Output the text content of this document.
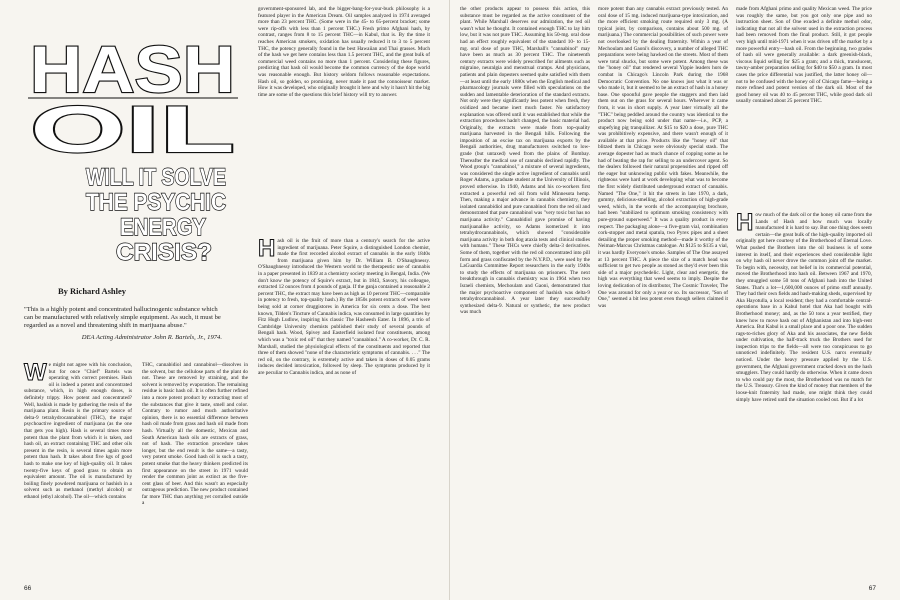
HASH
OIL
WILL IT SOLVE
THE PSYCHIC
ENERGY
CRISIS?
By Richard Ashley
"This is a highly potent and concentrated hallucinogenic substance which can be manufactured with relatively simple equipment. As such, it must be regarded as a novel and threatening shift in marijuana abuse."
DEA Acting Administrator John R. Bartels, Jr., 1974.

We might not agree with his conclusion, but for once "Chief" Bartels was operating with correct premises. Hash oil is indeed a potent and concentrated substance, which, in high enough doses, is definitely trippy. How potent and concentrated? Well, hashish is made by gathering the resin of the marijuana plant. Resin is the primary source of delta-9 tetrahydrocannabinol (THC), the major psychoactive ingredient of marijuana (as the one that gets you high). Hash is several times more potent than the plant from which it is taken, and hash oil, an extract containing THC and other oils present in the resin, is several times again more potent than hash. It takes about five kgs of good hash to make one key of high-quality oil. It takes twenty-five keys of good grass to obtain an equivalent amount. The oil is manufactured by boiling finely powdered marijuana or hashish in a solvent such as methanol (methyl alcohol) or ethanol (ethyl alcohol). The oil—which contains

THC, cannabidiol and cannabinol—dissolves in the solvent, but the cellulose parts of the plant do not. These are removed by straining, and the solvent is removed by evaporation. The remaining residue is basic hash oil. It is often further refined into a more potent product by extracting most of the substances that give it taste, smell and color. Contrary to rumor and much authoritative opinion, there is no essential difference between hash oil made from grass and hash oil made from hash. Virtually all the domestic, Mexican and South American hash oils are extracts of grass, not of hash. The extraction procedure takes longer, but the end result is the same—a tasty, very potent smoke. Good hash oil is such a tasty, potent smoke that the heavy thinkers predicted its first appearance on the street in 1971 would render the common joint as extinct as the five-cent glass of beer. And this wasn't an especially outrageous prediction. The new product contained far more THC than anything yet corralled outside a

government-sponsored lab, and the bigger-bang-for-your-buck philosophy is a featured player in the American Dream. Oil samples analyzed in 1974 averaged more than 23 percent THC. (Some were in the 45- to 65-percent bracket; some were rip-offs with less than 1 percent THC.) Fresh primo Afghani hash, by contrast, ranges from 8 to 15 percent THC—in Kabul, that is. By the time it reaches American smokers, oxidation has usually reduced it to 3 to 5 percent THC, the potency generally found in the best Hawaiian and Thai grasses. Much of the hash we get here contains less than 1.5 percent THC, and the great bulk of commercial weed contains no more than 1 percent. Considering these figures, predicting that hash oil would become the common currency of the dope world was reasonable enough. But history seldom follows reasonable expectations. Hash oil, so golden, so promising, never made it past the connoisseur market. How it was developed, who originally brought it here and why it hasn't hit the big time are some of the questions this brief history will try to answer.

Hash oil is the fruit of more than a century's search for the active ingredient of marijuana. Peter Squire, a distinguished London chemist, made the first recorded alcohol extract of cannabis in the early 1840s from marijuana given him by Dr. William B. O'Shaughnessy. O'Shaughnessy introduced the Western world to the therapeutic use of cannabis in a paper presented in 1839 at a chemistry society meeting in Bengal, India. (We don't know the potency of Squire's extract, but in 1843, Savory, his colleague, extracted 12 ounces from 4 pounds of ganja. If the ganja contained a reasonable 2 percent THC, the extract may have been as high as 10 percent THC—comparable in potency to fresh, top-quality hash.) By the 1850s potent extracts of weed were being sold at corner druggistores in America for six cents a dose. The best known, Tilden's Tincture of Cannabis indica, was consumed in large quantities by Fitz Hugh Ludlow, inspiring his classic The Hasheesh Eater. In 1896, a trio of Cambridge University chemists published their study of several pounds of Bengali hash. Wood, Spivey and Easterfield isolated four constituents, among which was a "toxic red oil" that they named "cannabinol." A co-worker, Dr. C. R. Marshall, studied the physiological effects of the constituents and reported that three of them showed "none of the characteristic symptoms of cannabis. . . ." The red oil, on the contrary, is extremely active and taken in doses of 0.05 grams induces decided intoxication, followed by sleep. The symptoms produced by it are peculiar to Cannabis indica, and as none of

66

the other products appear to possess this action, this substance must be regarded as the active constituent of the plant. While Marshall deserves our admiration, the red oil wasn't what he thought. It contained enough THC to lay him low, but it was not pure THC. Assuming his 50-mg. oral dose had an effect roughly equivalent of the standard 10- to 15-mg. oral dose of pure THC, Marshall's "cannabinol" may have been as much as 30 percent THC. The nineteenth century extracts were widely prescribed for ailments such as migraine, neuralgia and menstrual cramps. And physicians, patients and plain dopesters seemed quite satisfied with them—at least until the early 1880s when the English medical and pharmacology journals were filled with speculations on the sudden and lamentable deterioration of the standard extracts. Not only were they significantly less potent when fresh, they oxidized and became inert much faster. No satisfactory explanation was offered until it was established that while the extraction procedures hadn't changed, the basic material had. Originally, the extracts were made from top-quality marijuana harvested in the Bengali hills. Following the imposition of an excise tax on marijuana exports by the Bengali authorities, drug manufacturers switched to low-grade (but untaxed) weed from the plains of Bombay. Thereafter the medical use of cannabis declined rapidly. The Wood group's "cannabinol," a mixture of several ingredients, was considered the single active ingredient of cannabis until Roger Adams, a graduate student at the University of Illinois, proved otherwise. In 1940, Adams and his co-workers first extracted a powerful red oil from wild Minnesota hemp. Then, making a major advance in cannabis chemistry, they isolated cannabidiol and pure cannabinol from the red oil and demonstrated that pure cannabinol was "very toxic but has no marijuana activity." Cannabidiol gave promise of having marijuanalike activity, so Adams isomerized it into tetrahydrocannabinols, which showed "considerable marijuana activity in both dog ataxia tests and clinical studies with humans." These THCs were chiefly delta-3 derivatives. Some of them, together with the red oil concentrated into pill form and grass confiscated by the N.Y.P.D., were used by the LaGuardia Committee Report researchers in the early 1940s to study the effects of marijuana on prisoners. The next breakthrough in cannabis chemistry was in 1964 when two Israeli chemists, Mechoulam and Gaoni, demonstrated that the major psychoactive component of hashish was delta-9 tetrahydrocannabinol. A year later they successfully synthesized delta-9. Natural or synthetic, the new product was much

more potent than any cannabis extract previously tested. An oral dose of 15 mg. induced marijuana-type intoxication, and the more efficient smoking route required only 3 mg. (A typical joint, by comparison, contains about 500 mg. of marijuana.) The commercial possibilities of such power were not overlooked by the dealing fraternity. Within a year of Mechoulam and Gaoni's discovery, a number of alleged THC preparations were being hawked on the streets. Most of them were total shucks, but some were potent. Among these was the "honey oil" that rendered several Yippie leaders hors de combat in Chicago's Lincoln Park during the 1968 Democratic Convention. No one knows just what it was or who made it, but it seemed to be an extract of hash in a honey base. One spoonful gave people the staggers and then laid them out on the grass for several hours. Wherever it came from, it was in short supply. A year later virtually all the "THC" being peddled around the country was identical to the product now being sold under that name—i.e., PCP, a stupefying pig tranquilizer. At $15 to $20 a dose, pure THC was prohibitively expensive, and there wasn't enough of it available at that price. Products like the "honey oil" that blitzed them in Chicago were obviously special stash. The average dopester had as much chance of copping some as he had of beating the rap for selling to an undercover agent. So the dealers followed their natural propensities and ripped off the eager but unknowing public with fakes. Meanwhile, the righteous were hard at work developing what was to become the first widely distributed underground extract of cannabis. Named "The One," it hit the streets in late 1970, a dark, gummy, delicious-smelling, alcohol extraction of high-grade weed, which, in the words of the accompanying brochure, had been "stabilized to optimum smoking consistency with pure-ground superweed." It was a quality product in every respect. The packaging alone—a five-gram vial, combination cork-stopper and metal spatula, two Pyrex pipes and a sheet detailing the proper smoking method—made it worthy of the Neiman-Marcus Christmas catalogue. At $125 to $135 a vial, it was hardly Everyone's smoke. Samples of The One assayed at 13 percent THC. A piece the size of a match head was sufficient to get two people as stoned as they'd ever been this side of a major psychedelic. Light, clear and energetic, the high was everything that weed seems to imply. Despite the loving dedication of its distributor, The Cosmic Traveler, The One was around for only a year or so. Its successor, "Son of One," seemed a bit less potent even though sellers claimed it was

made from Afghani primo and quality Mexican weed. The price was roughly the same, but you got only one pipe and no instruction sheet. Son of One exuded a definite methol odor, indicating that not all the solvent used in the extraction process had been removed from the final product. Still, it got people very high until mid-1971 when it was driven off the market by a more powerful entry—hash oil. From the beginning, two grades of hash oil were generally available: a dark greenish-black, viscous liquid selling for $25 a gram; and a thick, translucent, tawny-amber preparation selling for $40 to $50 a gram. In most cases the price differential was justified, the latter honey oil—not to be confused with the honey oil of Chicago fame—being a more refined and potent version of the dark oil. Most of the good honey oil was 40 to 45 percent THC, while good dark oil usually contained about 25 percent THC.

How much of the dark oil or the honey oil came from the Lands of Hash and how much was locally manufactured it is hard to say. But one thing does seem certain—the great bulk of the high-quality imported oil originally got here courtesy of the Brotherhood of Eternal Love. What pushed the Brothers into the oil business is of some interest in itself, and their experiences shed considerable light on why hash oil never drove the common joint off the market. To begin with, necessity, not belief in its commercial potential, moved the Brotherhood into hash oil. Between 1967 and 1970, they smuggled some 50 tons of Afghani hash into the United States. That's a lot—1,600,000 ounces of primo stuff annually. They had their own fields and hash-making sheds, supervised by Aka Hayotulla, a local resident; they had a comfortable central-operations base in a Kabul hotel that Aka had bought with Brotherhood money; and, as the 50 tons a year testified, they knew how to move hash out of Afghanistan and into high-rent America. But Kabul is a small place and a poor one. The sudden rags-to-riches glory of Aka and his associates, the new fields under cultivation, the half-track truck the Brothers used for inspection trips to the fields—all were too conspicuous to go unnoticed indefinitely. The resident U.S. narcs eventually noticed. Under the heavy pressure applied by the U.S. government, the Afghani government cracked down on the hash smugglers. They could hardly do otherwise. When it came down to who could pay the most, the Brotherhood was no match for the U.S. Treasury. Given the kind of money that members of the loose-knit fraternity had made, one might think they could simply have retired until the situation cooled out. But if a lot

67
